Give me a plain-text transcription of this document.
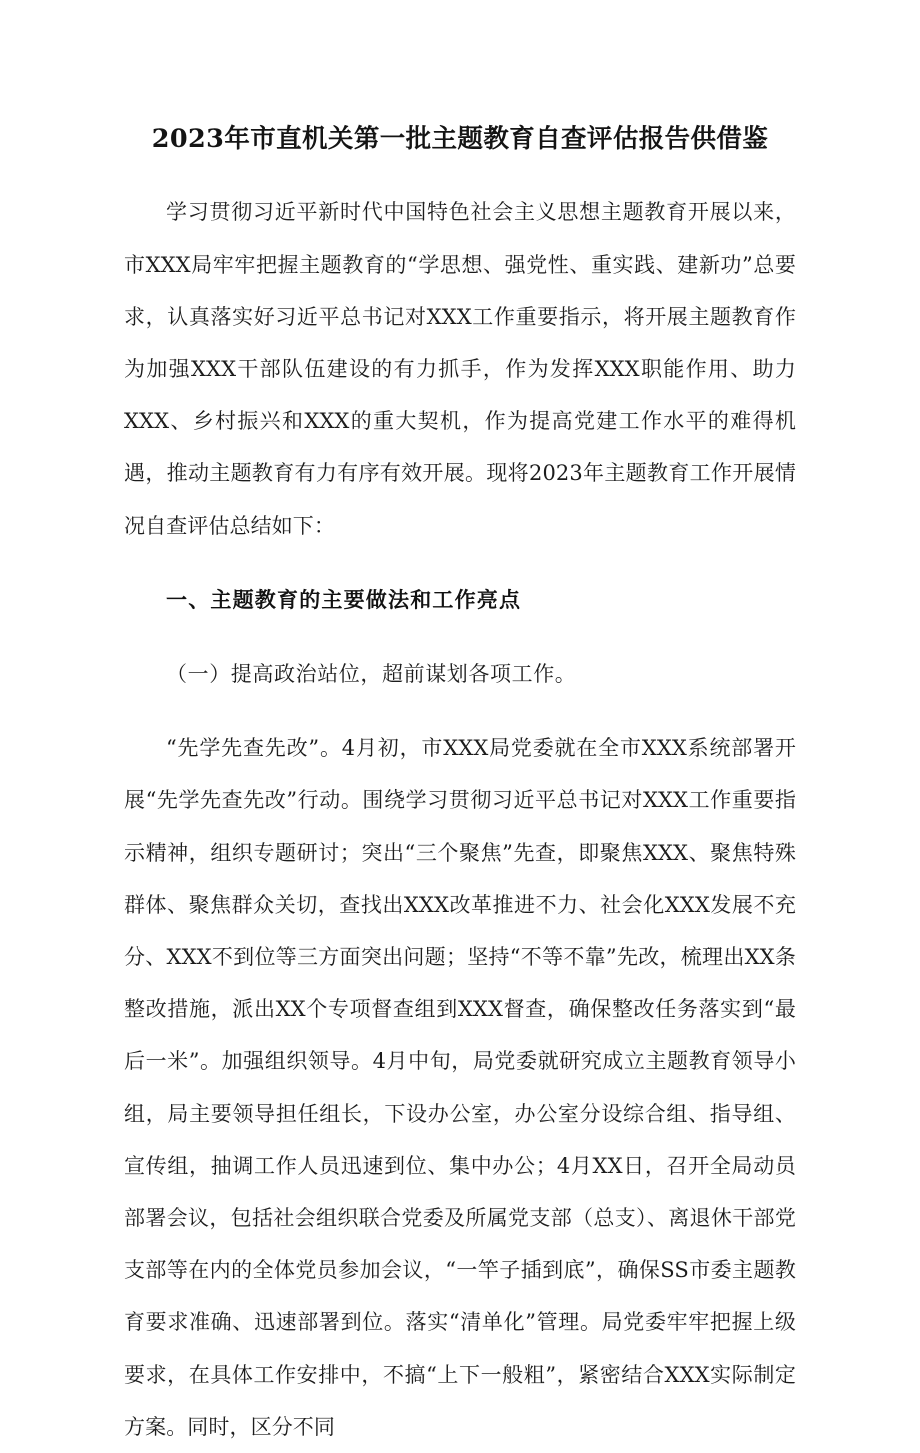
2023年市直机关第一批主题教育自查评估报告供借鉴

学习贯彻习近平新时代中国特色社会主义思想主题教育开展以来，市XXX局牢牢把握主题教育的“学思想、强党性、重实践、建新功”总要求，认真落实好习近平总书记对XXX工作重要指示，将开展主题教育作为加强XXX干部队伍建设的有力抓手，作为发挥XXX职能作用、助力XXX、乡村振兴和XXX的重大契机，作为提高党建工作水平的难得机遇，推动主题教育有力有序有效开展。现将2023年主题教育工作开展情况自查评估总结如下：

一、主题教育的主要做法和工作亮点

（一）提高政治站位，超前谋划各项工作。

“先学先查先改”。4月初，市XXX局党委就在全市XXX系统部署开展“先学先查先改”行动。围绕学习贯彻习近平总书记对XXX工作重要指示精神，组织专题研讨；突出“三个聚焦”先查，即聚焦XXX、聚焦特殊群体、聚焦群众关切，查找出XXX改革推进不力、社会化XXX发展不充分、XXX不到位等三方面突出问题；坚持“不等不靠”先改，梳理出XX条整改措施，派出XX个专项督查组到XXX督查，确保整改任务落实到“最后一米”。加强组织领导。4月中旬，局党委就研究成立主题教育领导小组，局主要领导担任组长，下设办公室，办公室分设综合组、指导组、宣传组，抽调工作人员迅速到位、集中办公；4月XX日，召开全局动员部署会议，包括社会组织联合党委及所属党支部（总支）、离退休干部党支部等在内的全体党员参加会议，“一竿子插到底”，确保SS市委主题教育要求准确、迅速部署到位。落实“清单化”管理。局党委牢牢把握上级要求，在具体工作安排中，不搞“上下一般粗”，紧密结合XXX实际制定方案。同时，区分不同
